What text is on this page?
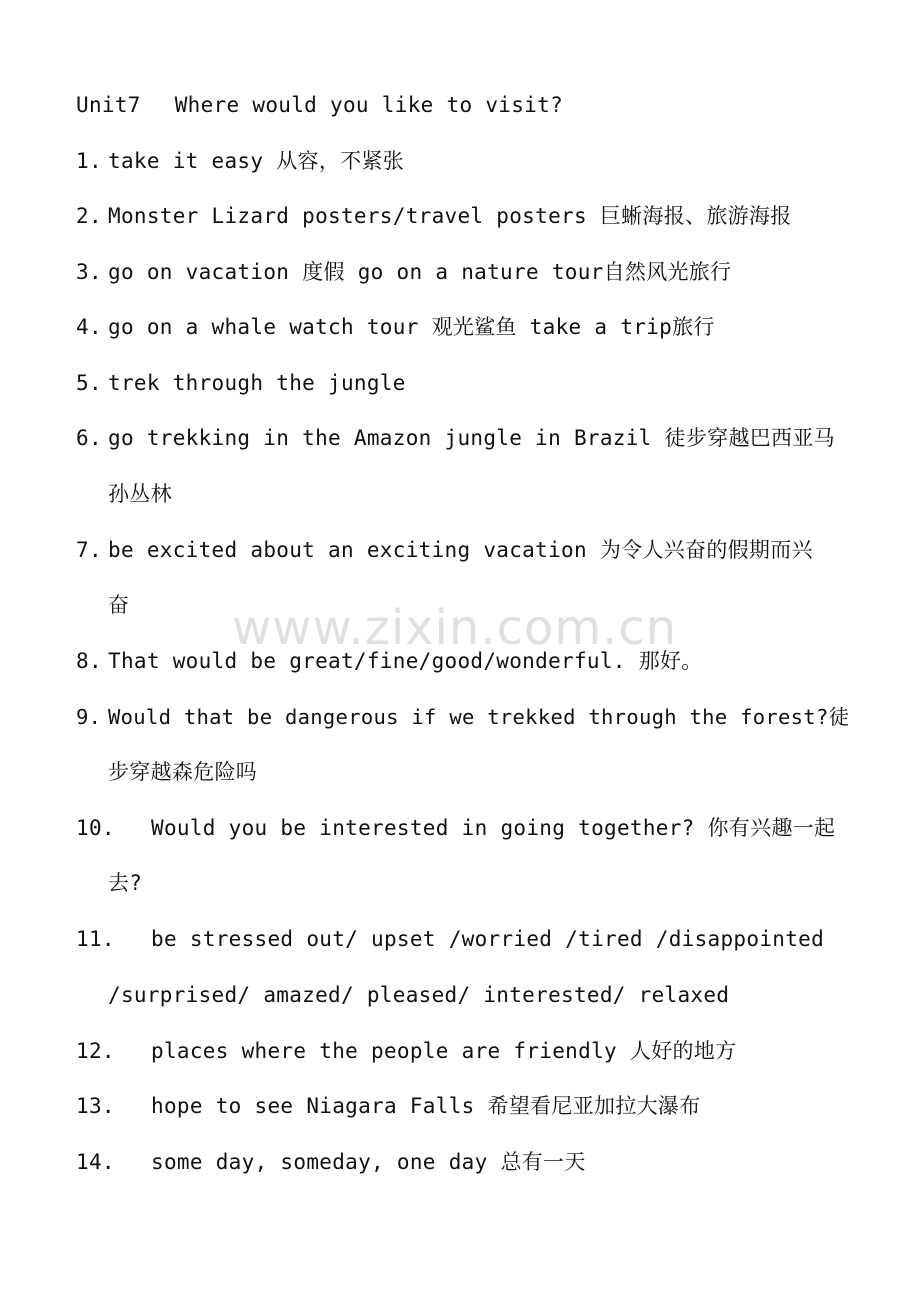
Unit7 Where would you like to visit?
1. take it easy 从容，不紧张
2. Monster Lizard posters/travel posters 巨蜥海报、旅游海报
3. go on vacation 度假 go on a nature tour自然风光旅行
4. go on a whale watch tour 观光鲨鱼 take a trip旅行
5. trek through the jungle
6. go trekking in the Amazon jungle in Brazil 徒步穿越巴西亚马
孙丛林
7. be excited about an exciting vacation 为令人兴奋的假期而兴
奋
8. That would be great/fine/good/wonderful. 那好。
9. Would that be dangerous if we trekked through the forest?徒
步穿越森危险吗
10. Would you be interested in going together? 你有兴趣一起
去?
11. be stressed out/ upset /worried /tired /disappointed
/surprised/ amazed/ pleased/ interested/ relaxed
12. places where the people are friendly 人好的地方
13. hope to see Niagara Falls 希望看尼亚加拉大瀑布
14. some day, someday, one day 总有一天
www.zixin.com.cn
